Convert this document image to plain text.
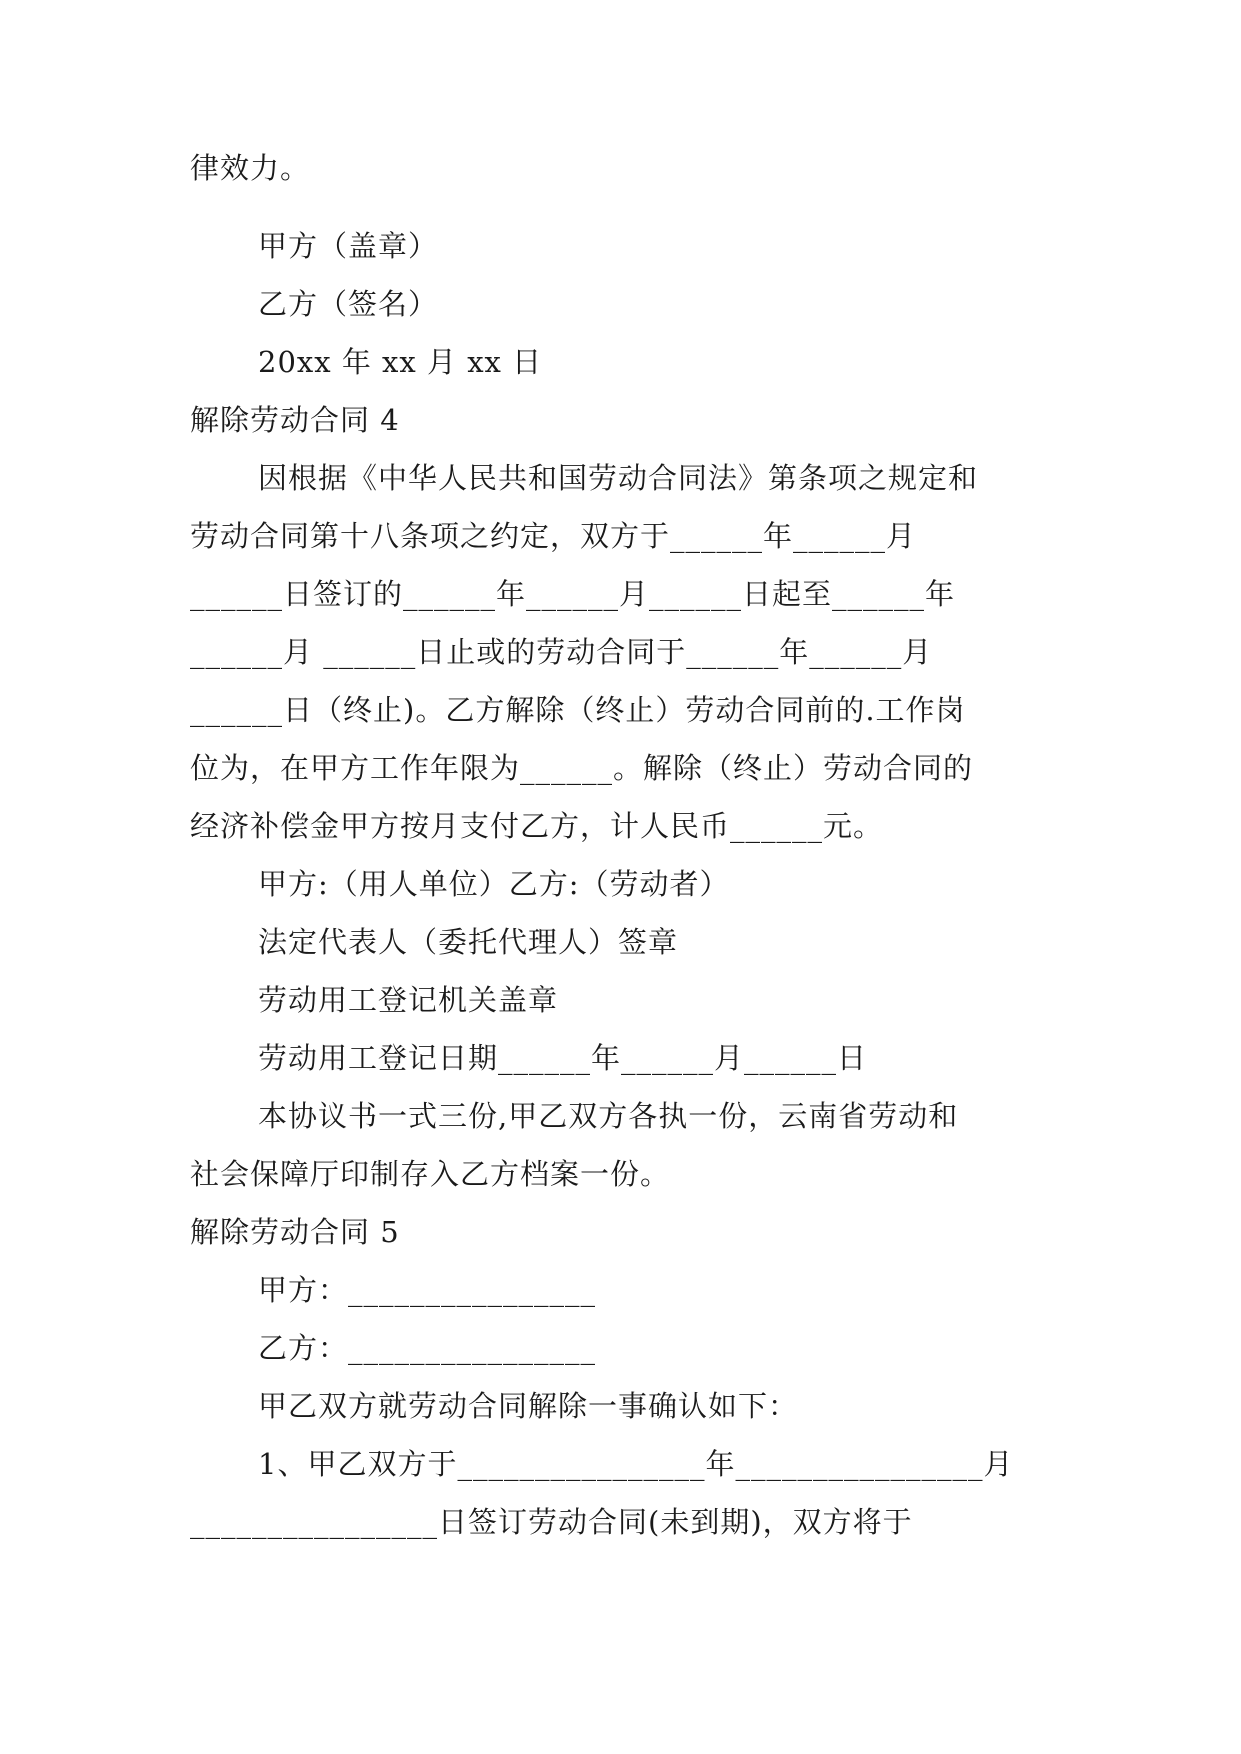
律效力。
甲方（盖章）
乙方（签名）
20xx 年 xx 月 xx 日
解除劳动合同 4
因根据《中华人民共和国劳动合同法》第条项之规定和
劳动合同第十八条项之约定，双方于______年______月
______日签订的______年______月______日起至______年
______月 ______日止或的劳动合同于______年______月
______日（终止)。乙方解除（终止）劳动合同前的.工作岗
位为，在甲方工作年限为______。解除（终止）劳动合同的
经济补偿金甲方按月支付乙方，计人民币______元。
甲方:（用人单位）乙方:（劳动者）
法定代表人（委托代理人）签章
劳动用工登记机关盖章
劳动用工登记日期______年______月______日
本协议书一式三份,甲乙双方各执一份，云南省劳动和
社会保障厅印制存入乙方档案一份。
解除劳动合同 5
甲方：________________
乙方：________________
甲乙双方就劳动合同解除一事确认如下：
1、甲乙双方于________________年________________月
________________日签订劳动合同(未到期)，双方将于
